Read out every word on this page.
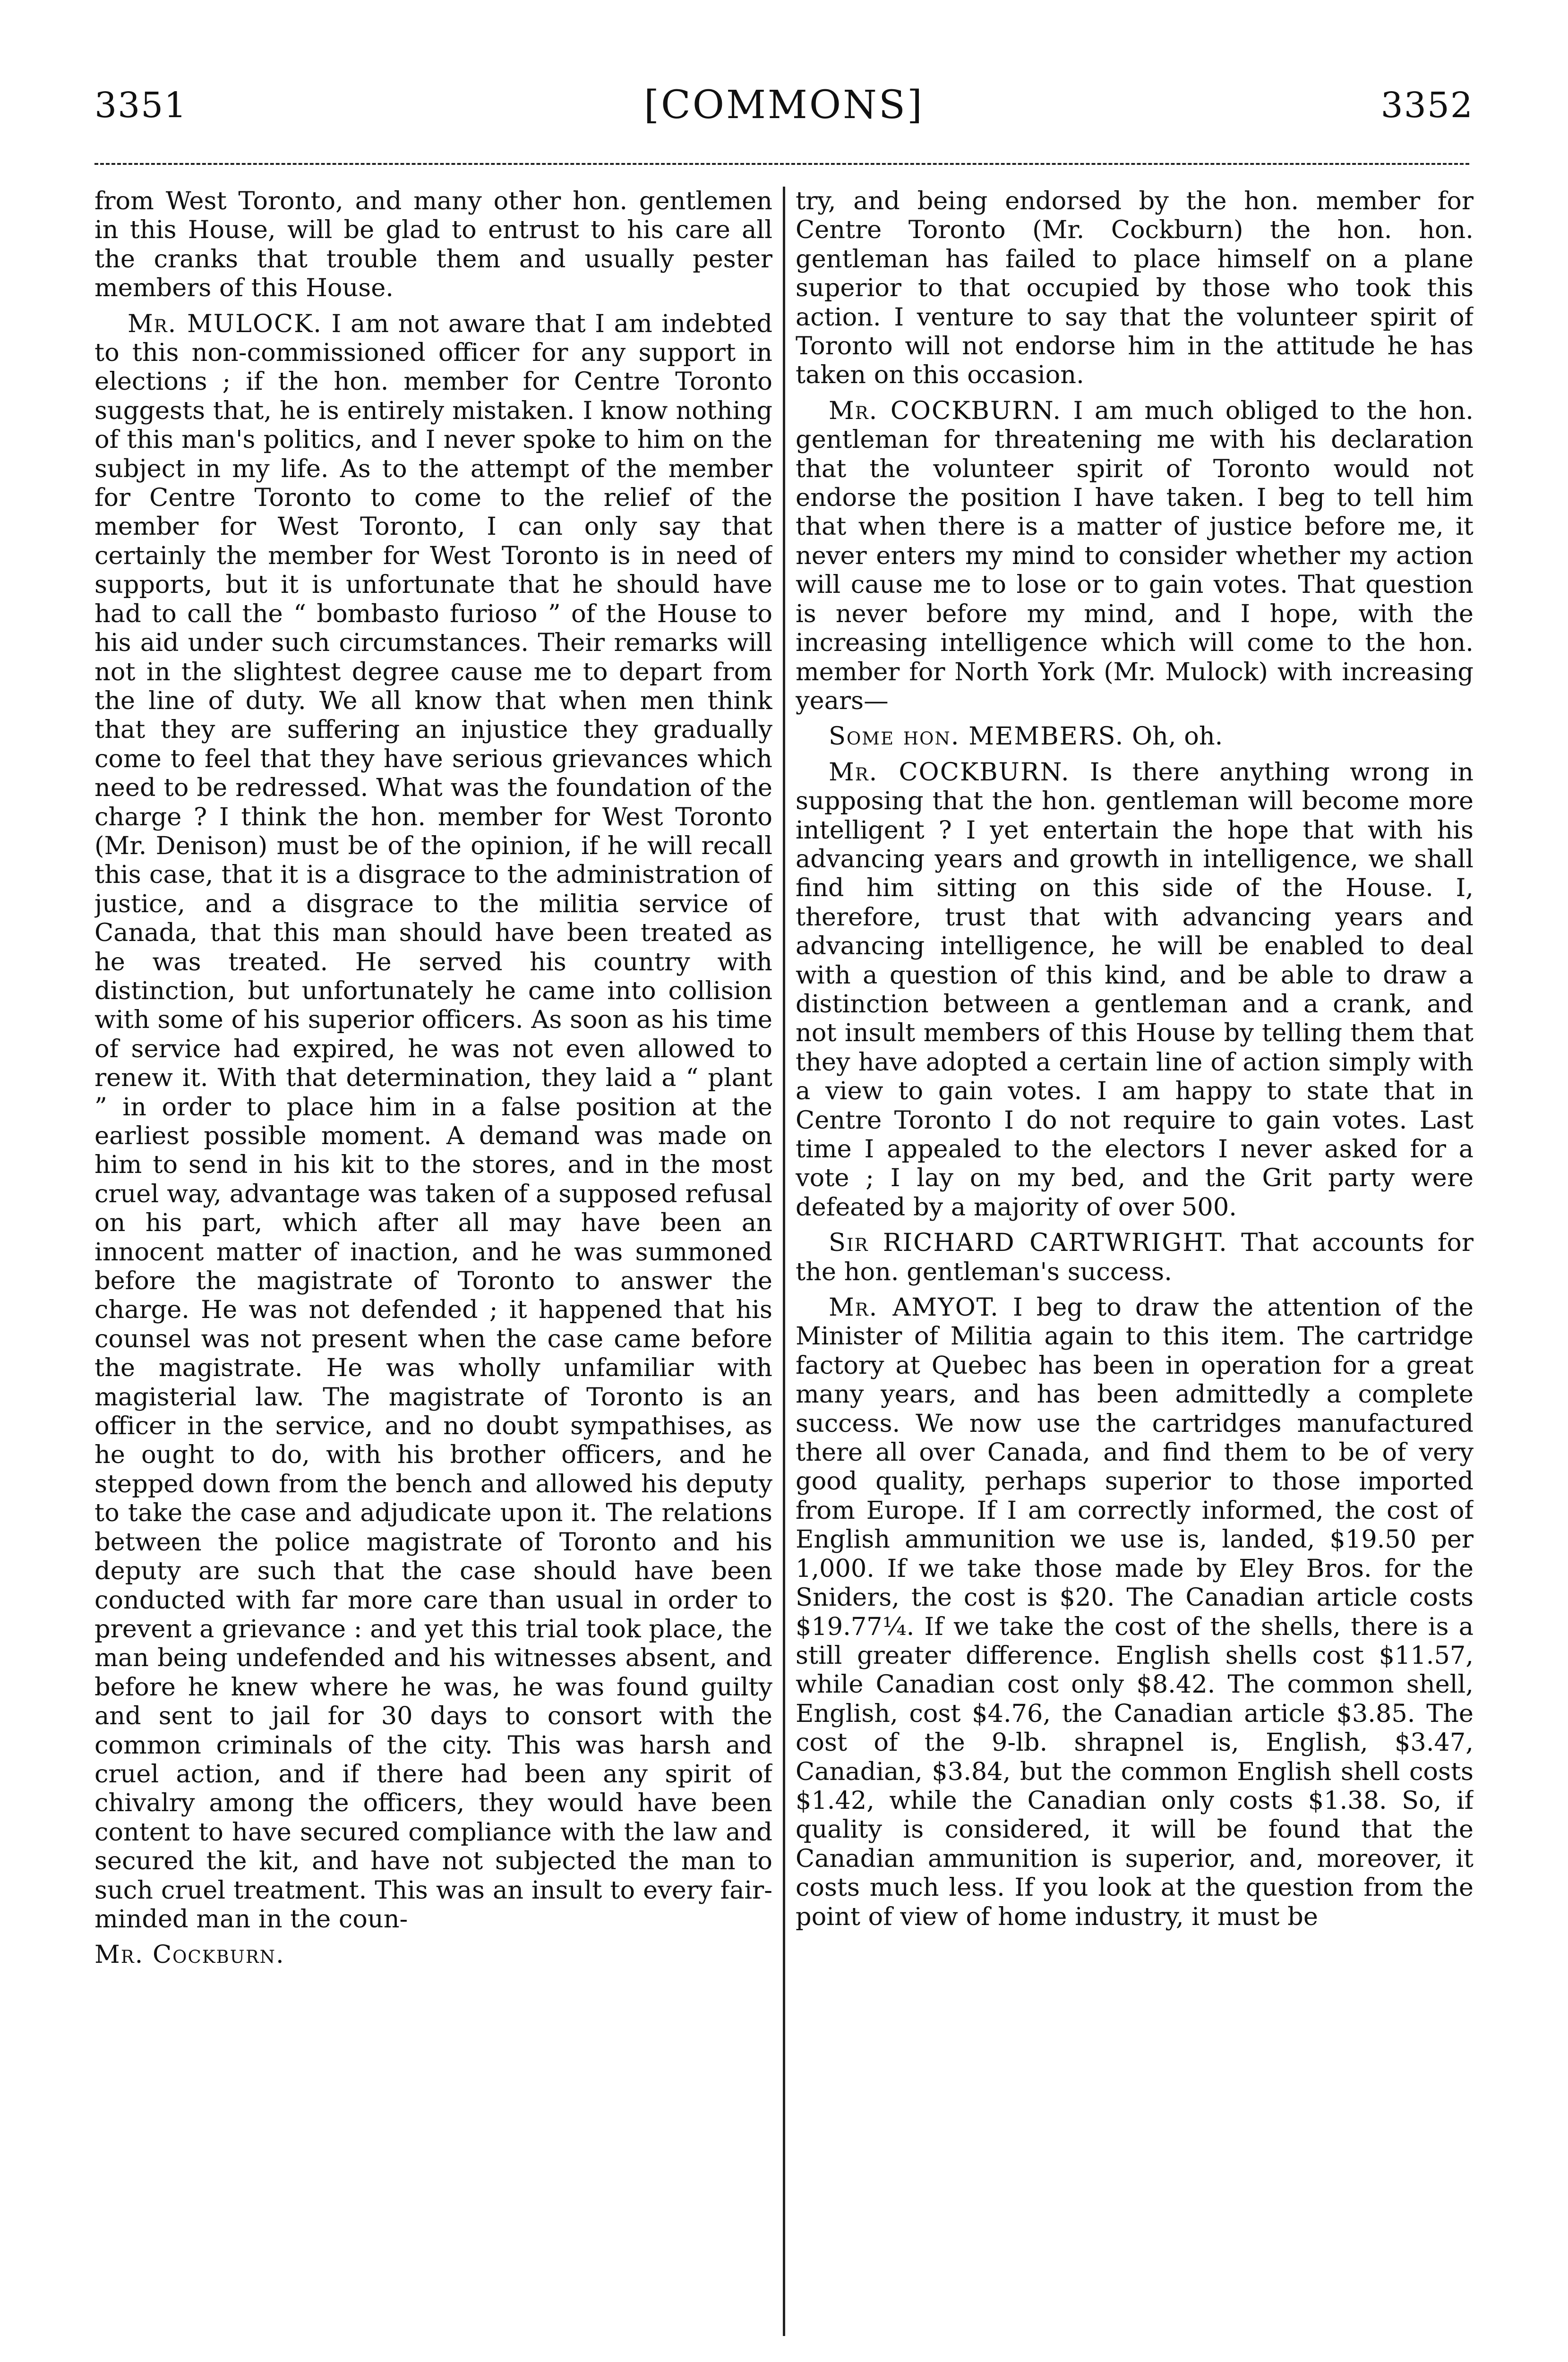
3351	[COMMONS]	3352

from West Toronto, and many other hon. gentlemen in this House, will be glad to entrust to his care all the cranks that trouble them and usually pester members of this House.

Mr. MULOCK. I am not aware that I am indebted to this non-commissioned officer for any support in elections ; if the hon. member for Centre Toronto suggests that, he is entirely mistaken. I know nothing of this man's politics, and I never spoke to him on the subject in my life. As to the attempt of the member for Centre Toronto to come to the relief of the member for West Toronto, I can only say that certainly the member for West Toronto is in need of supports, but it is unfortunate that he should have had to call the “ bombasto furioso ” of the House to his aid under such circumstances. Their remarks will not in the slightest degree cause me to depart from the line of duty. We all know that when men think that they are suffering an injustice they gradually come to feel that they have serious grievances which need to be redressed. What was the foundation of the charge ? I think the hon. member for West Toronto (Mr. Denison) must be of the opinion, if he will recall this case, that it is a disgrace to the administration of justice, and a disgrace to the militia service of Canada, that this man should have been treated as he was treated. He served his country with distinction, but unfortunately he came into collision with some of his superior officers. As soon as his time of service had expired, he was not even allowed to renew it. With that determination, they laid a “ plant ” in order to place him in a false position at the earliest possible moment. A demand was made on him to send in his kit to the stores, and in the most cruel way, advantage was taken of a supposed refusal on his part, which after all may have been an innocent matter of inaction, and he was summoned before the magistrate of Toronto to answer the charge. He was not defended ; it happened that his counsel was not present when the case came before the magistrate. He was wholly unfamiliar with magisterial law. The magistrate of Toronto is an officer in the service, and no doubt sympathises, as he ought to do, with his brother officers, and he stepped down from the bench and allowed his deputy to take the case and adjudicate upon it. The relations between the police magistrate of Toronto and his deputy are such that the case should have been conducted with far more care than usual in order to prevent a grievance : and yet this trial took place, the man being undefended and his witnesses absent, and before he knew where he was, he was found guilty and sent to jail for 30 days to consort with the common criminals of the city. This was harsh and cruel action, and if there had been any spirit of chivalry among the officers, they would have been content to have secured compliance with the law and secured the kit, and have not subjected the man to such cruel treatment. This was an insult to every fair-minded man in the coun-

Mr. Cockburn.

try, and being endorsed by the hon. member for Centre Toronto (Mr. Cockburn) the hon. hon. gentleman has failed to place himself on a plane superior to that occupied by those who took this action. I venture to say that the volunteer spirit of Toronto will not endorse him in the attitude he has taken on this occasion.

Mr. COCKBURN. I am much obliged to the hon. gentleman for threatening me with his declaration that the volunteer spirit of Toronto would not endorse the position I have taken. I beg to tell him that when there is a matter of justice before me, it never enters my mind to consider whether my action will cause me to lose or to gain votes. That question is never before my mind, and I hope, with the increasing intelligence which will come to the hon. member for North York (Mr. Mulock) with increasing years—

Some hon. MEMBERS. Oh, oh.

Mr. COCKBURN. Is there anything wrong in supposing that the hon. gentleman will become more intelligent ? I yet entertain the hope that with his advancing years and growth in intelligence, we shall find him sitting on this side of the House. I, therefore, trust that with advancing years and advancing intelligence, he will be enabled to deal with a question of this kind, and be able to draw a distinction between a gentleman and a crank, and not insult members of this House by telling them that they have adopted a certain line of action simply with a view to gain votes. I am happy to state that in Centre Toronto I do not require to gain votes. Last time I appealed to the electors I never asked for a vote ; I lay on my bed, and the Grit party were defeated by a majority of over 500.

Sir RICHARD CARTWRIGHT. That accounts for the hon. gentleman's success.

Mr. AMYOT. I beg to draw the attention of the Minister of Militia again to this item. The cartridge factory at Quebec has been in operation for a great many years, and has been admittedly a complete success. We now use the cartridges manufactured there all over Canada, and find them to be of very good quality, perhaps superior to those imported from Europe. If I am correctly informed, the cost of English ammunition we use is, landed, $19.50 per 1,000. If we take those made by Eley Bros. for the Sniders, the cost is $20. The Canadian article costs $19.77¼. If we take the cost of the shells, there is a still greater difference. English shells cost $11.57, while Canadian cost only $8.42. The common shell, English, cost $4.76, the Canadian article $3.85. The cost of the 9-lb. shrapnel is, English, $3.47, Canadian, $3.84, but the common English shell costs $1.42, while the Canadian only costs $1.38. So, if quality is considered, it will be found that the Canadian ammunition is superior, and, moreover, it costs much less. If you look at the question from the point of view of home industry, it must be
